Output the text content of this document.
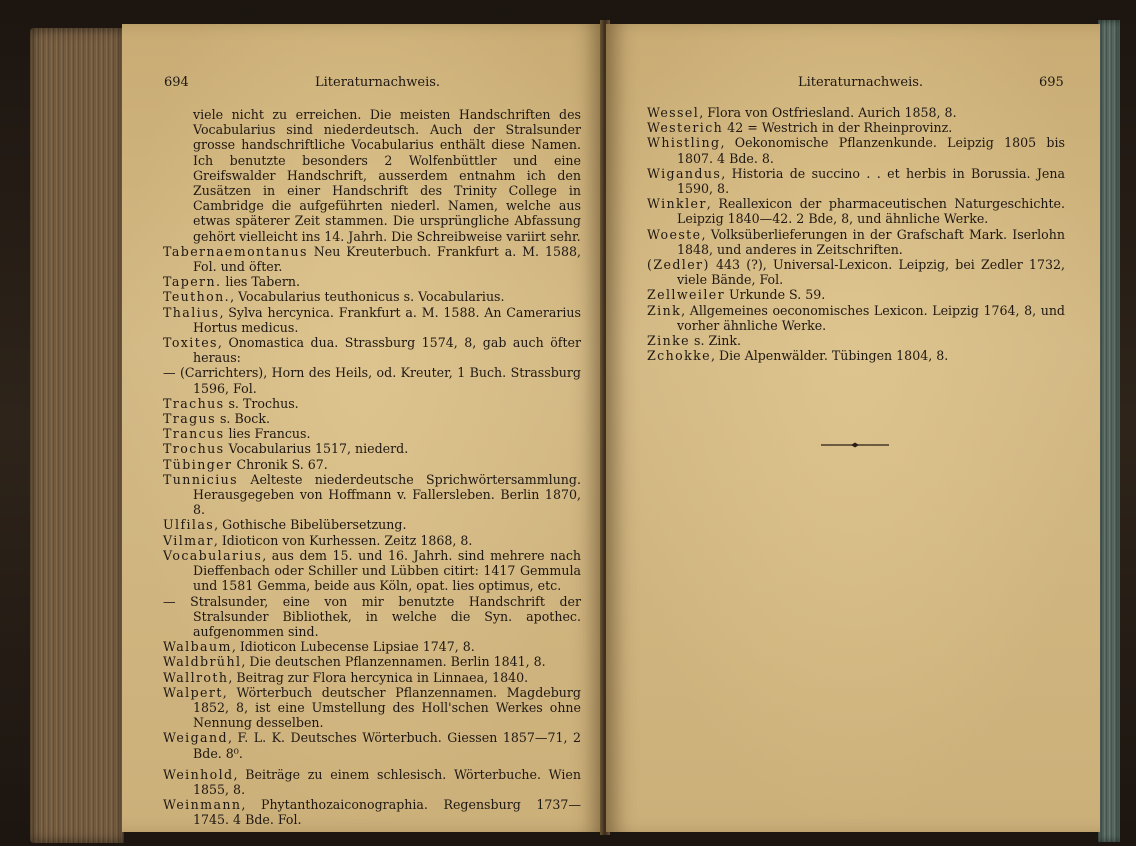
694	Literaturnachweis.

viele nicht zu erreichen. Die meisten Handschriften des Vocabularius sind niederdeutsch. Auch der Stralsunder grosse handschriftliche Vocabularius enthält diese Namen. Ich benutzte besonders 2 Wolfenbüttler und eine Greifswalder Handschrift, ausserdem entnahm ich den Zusätzen in einer Handschrift des Trinity College in Cambridge die aufgeführten niederl. Namen, welche aus etwas späterer Zeit stammen. Die ursprüngliche Abfassung gehört vielleicht ins 14. Jahrh. Die Schreibweise variirt sehr.

Tabernaemontanus Neu Kreuterbuch. Frankfurt a. M. 1588, Fol. und öfter.

Tapern. lies Tabern.

Teuthon., Vocabularius teuthonicus s. Vocabularius.

Thalius, Sylva hercynica. Frankfurt a. M. 1588. An Camerarius Hortus medicus.

Toxites, Onomastica dua. Strassburg 1574, 8, gab auch öfter heraus:

— (Carrichters), Horn des Heils, od. Kreuter, 1 Buch. Strassburg 1596, Fol.

Trachus s. Trochus.

Tragus s. Bock.

Trancus lies Francus.

Trochus Vocabularius 1517, niederd.

Tübinger Chronik S. 67.

Tunnicius Aelteste niederdeutsche Sprichwörtersammlung. Herausgegeben von Hoffmann v. Fallersleben. Berlin 1870, 8.

Ulfilas, Gothische Bibelübersetzung.

Vilmar, Idioticon von Kurhessen. Zeitz 1868, 8.

Vocabularius, aus dem 15. und 16. Jahrh. sind mehrere nach Dieffenbach oder Schiller und Lübben citirt: 1417 Gemmula und 1581 Gemma, beide aus Köln, opat. lies optimus, etc.

— Stralsunder, eine von mir benutzte Handschrift der Stralsunder Bibliothek, in welche die Syn. apothec. aufgenommen sind.

Walbaum, Idioticon Lubecense Lipsiae 1747, 8.

Waldbrühl, Die deutschen Pflanzennamen. Berlin 1841, 8.

Wallroth, Beitrag zur Flora hercynica in Linnaea, 1840.

Walpert, Wörterbuch deutscher Pflanzennamen. Magdeburg 1852, 8, ist eine Umstellung des Holl'schen Werkes ohne Nennung desselben.

Weigand, F. L. K. Deutsches Wörterbuch. Giessen 1857—71, 2 Bde. 8⁰.

Weinhold, Beiträge zu einem schlesisch. Wörterbuche. Wien 1855, 8.

Weinmann, Phytanthozaiconographia. Regensburg 1737—1745. 4 Bde. Fol.

Literaturnachweis.	695

Wessel, Flora von Ostfriesland. Aurich 1858, 8.

Westerich 42 = Westrich in der Rheinprovinz.

Whistling, Oekonomische Pflanzenkunde. Leipzig 1805 bis 1807. 4 Bde. 8.

Wigandus, Historia de succino . . et herbis in Borussia. Jena 1590, 8.

Winkler, Reallexicon der pharmaceutischen Naturgeschichte. Leipzig 1840—42. 2 Bde, 8, und ähnliche Werke.

Woeste, Volksüberlieferungen in der Grafschaft Mark. Iserlohn 1848, und anderes in Zeitschriften.

(Zedler) 443 (?), Universal-Lexicon. Leipzig, bei Zedler 1732, viele Bände, Fol.

Zellweiler Urkunde S. 59.

Zink, Allgemeines oeconomisches Lexicon. Leipzig 1764, 8, und vorher ähnliche Werke.

Zinke s. Zink.

Zchokke, Die Alpenwälder. Tübingen 1804, 8.
